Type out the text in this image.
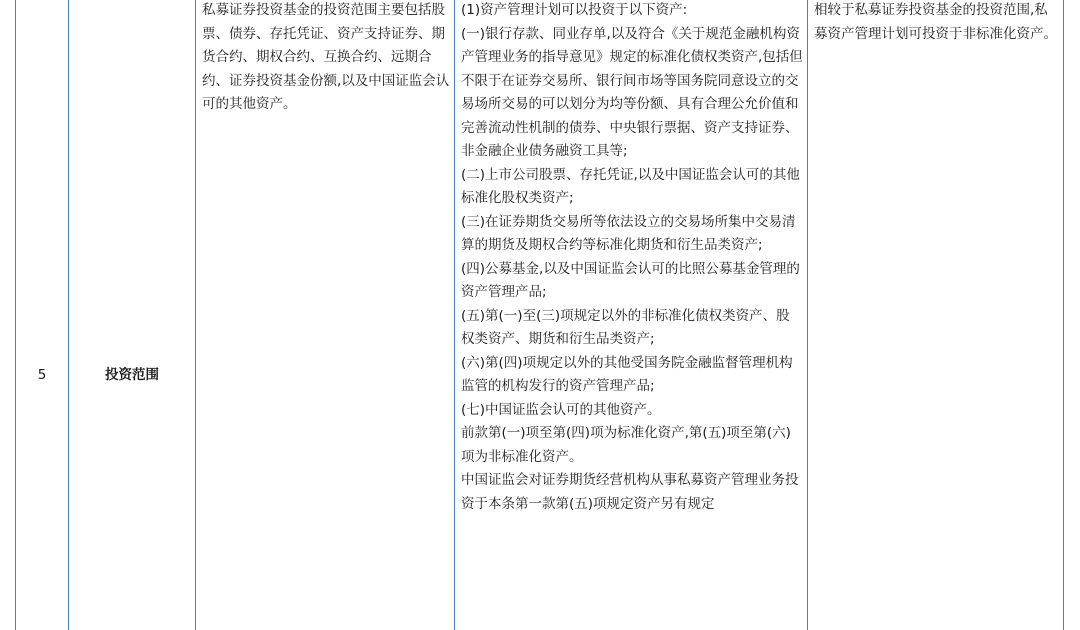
5	投资范围
私募证券投资基金的投资范围主要包括股票、债券、存托凭证、资产支持证券、期货合约、期权合约、互换合约、远期合约、证券投资基金份额,以及中国证监会认可的其他资产。

(1)资产管理计划可以投资于以下资产:

(一)银行存款、同业存单,以及符合《关于规范金融机构资产管理业务的指导意见》规定的标准化债权类资产,包括但不限于在证券交易所、银行间市场等国务院同意设立的交易场所交易的可以划分为均等份额、具有合理公允价值和完善流动性机制的债券、中央银行票据、资产支持证券、非金融企业债务融资工具等;

(二)上市公司股票、存托凭证,以及中国证监会认可的其他标准化股权类资产;

(三)在证券期货交易所等依法设立的交易场所集中交易清算的期货及期权合约等标准化期货和衍生品类资产;

(四)公募基金,以及中国证监会认可的比照公募基金管理的资产管理产品;

(五)第(一)至(三)项规定以外的非标准化债权类资产、股权类资产、期货和衍生品类资产;

(六)第(四)项规定以外的其他受国务院金融监督管理机构监管的机构发行的资产管理产品;

(七)中国证监会认可的其他资产。

前款第(一)项至第(四)项为标准化资产,第(五)项至第(六)项为非标准化资产。

中国证监会对证券期货经营机构从事私募资产管理业务投资于本条第一款第(五)项规定资产另有规定

相较于私募证券投资基金的投资范围,私募资产管理计划可投资于非标准化资产。
